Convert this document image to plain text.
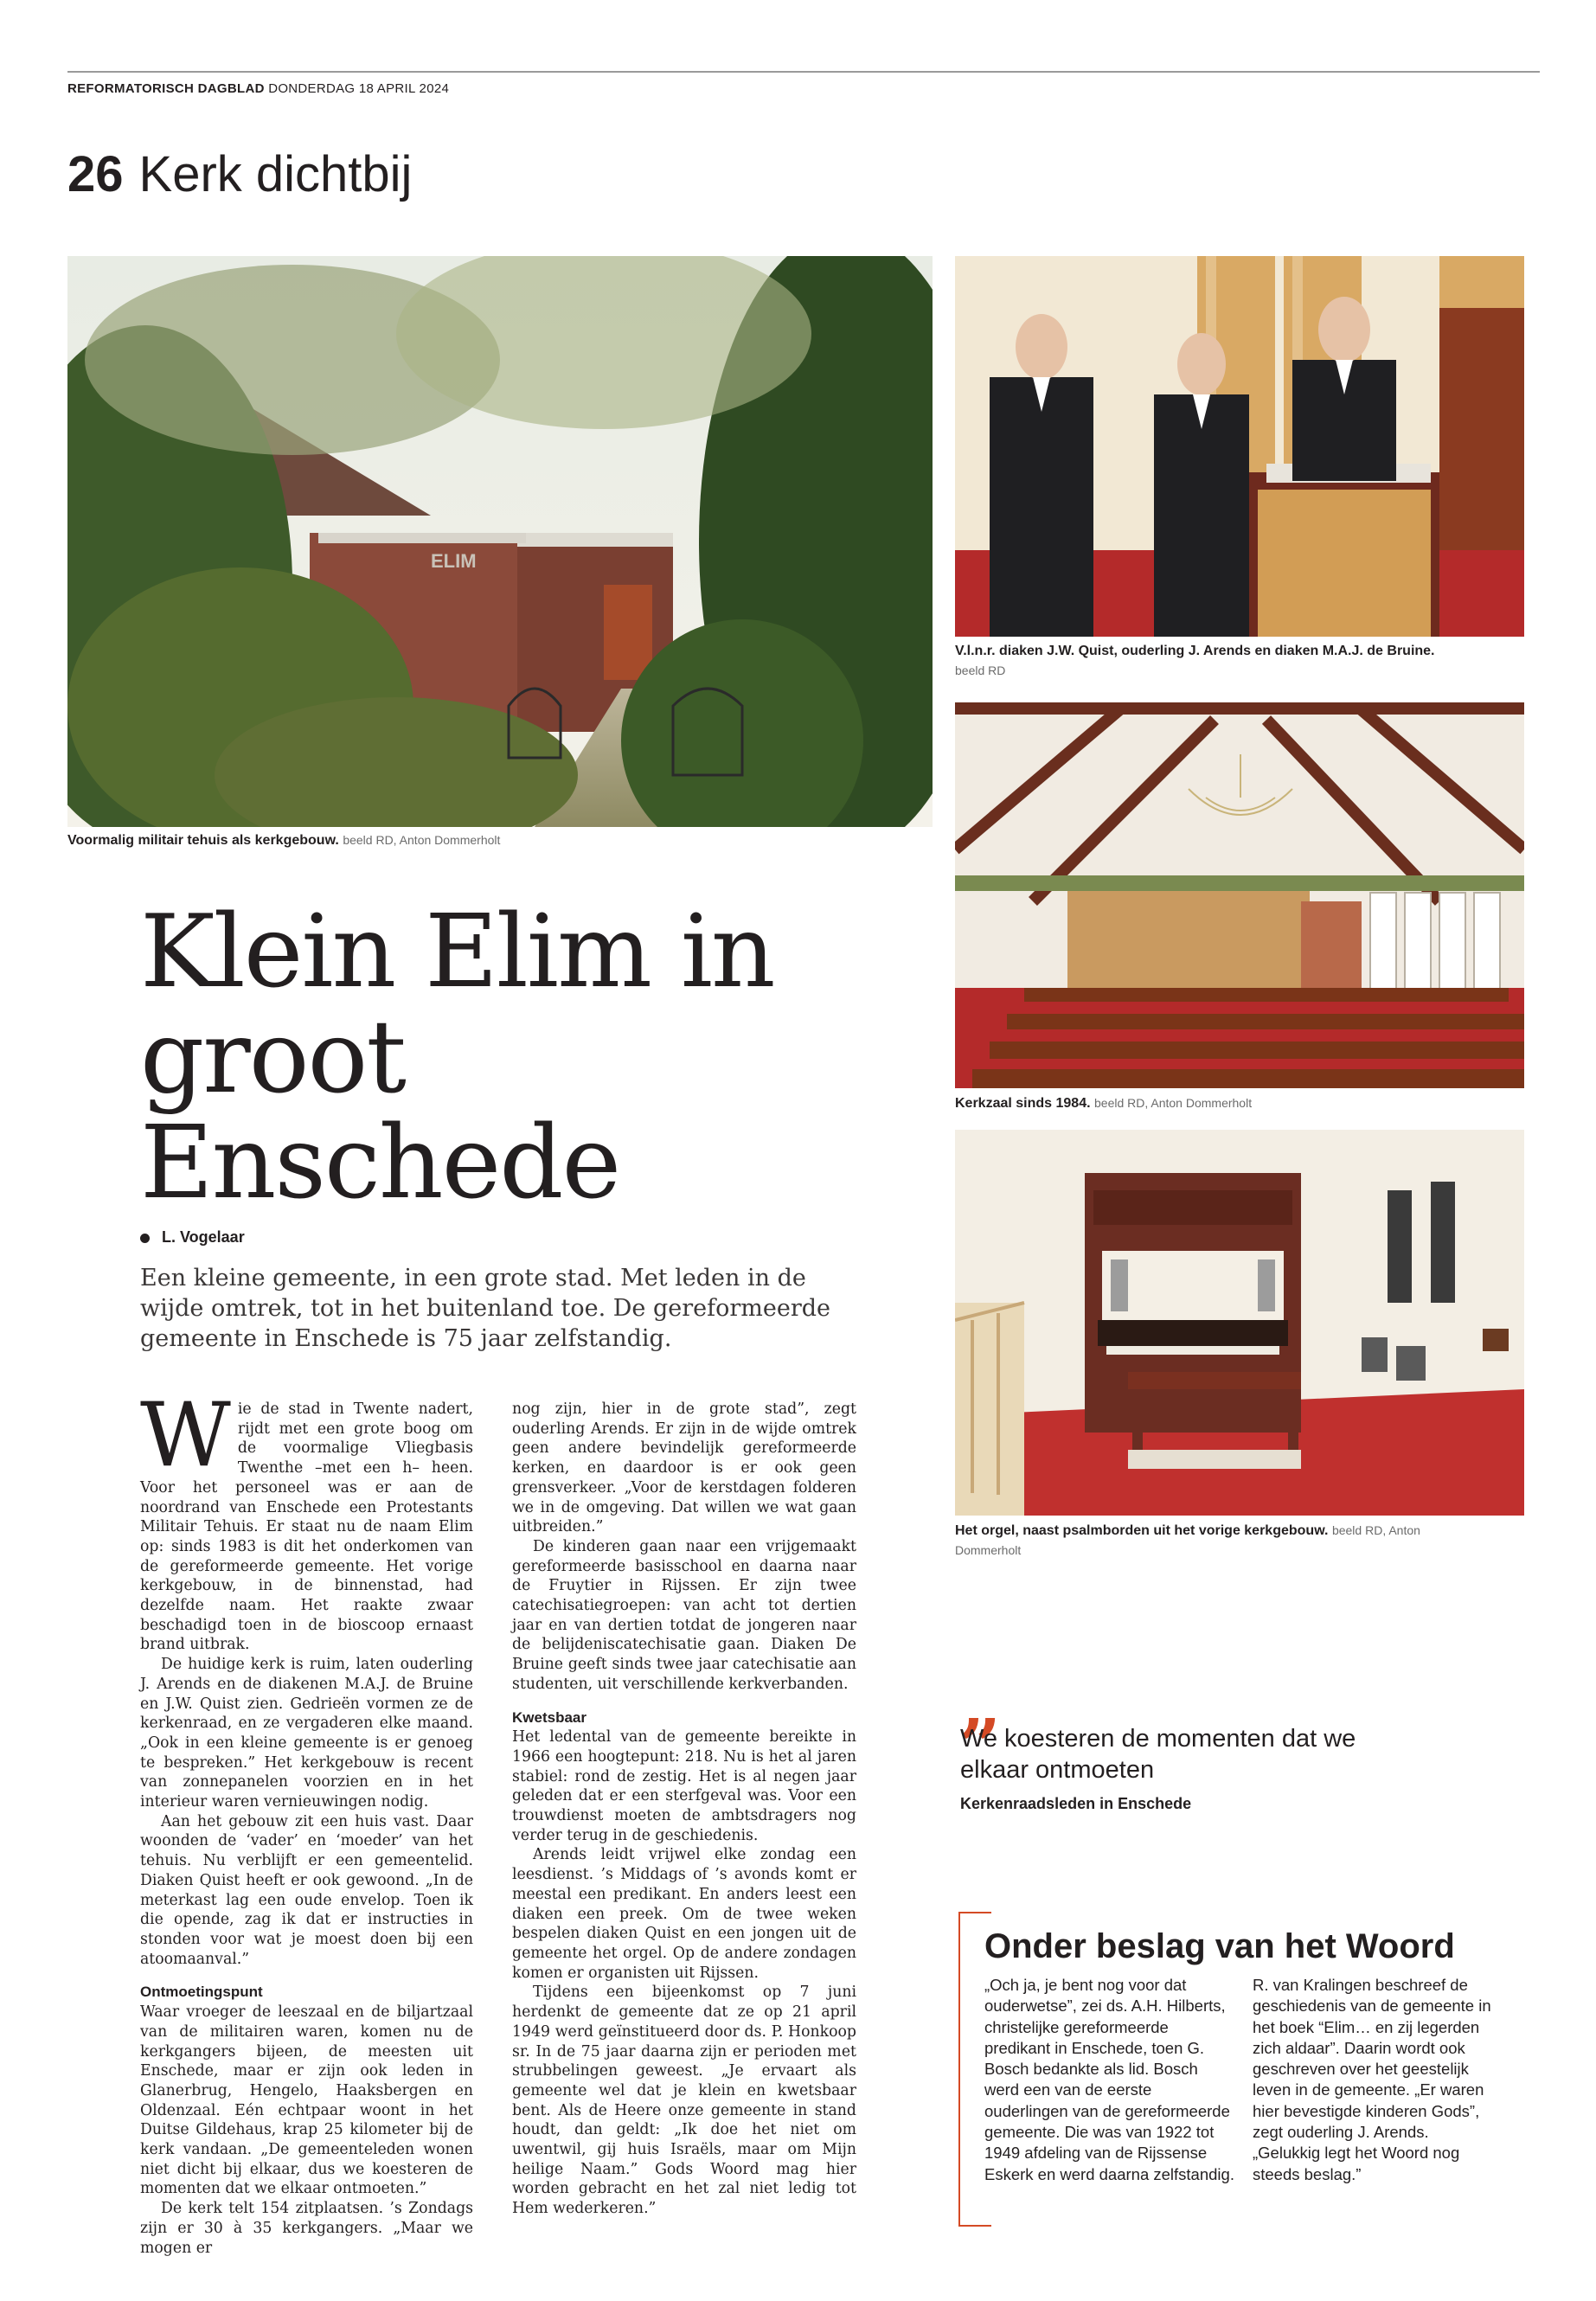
REFORMATORISCH DAGBLAD DONDERDAG 18 APRIL 2024
26 Kerk dichtbij
ELIM
Voormalig militair tehuis als kerkgebouw. beeld RD, Anton Dommerholt
V.l.n.r. diaken J.W. Quist, ouderling J. Arends en diaken M.A.J. de Bruine.
beeld RD
Kerkzaal sinds 1984. beeld RD, Anton Dommerholt
Het orgel, naast psalmborden uit het vorige kerkgebouw. beeld RD, Anton
Dommerholt
Klein Elim in
groot Enschede
L. Vogelaar
Een kleine gemeente, in een grote stad. Met leden in de wijde omtrek, tot in het buitenland toe. De gereformeerde gemeente in Enschede is 75 jaar zelfstandig.

Wie de stad in Twente nadert, rijdt met een grote boog om de voormalige Vliegbasis Twenthe –met een h– heen. Voor het personeel was er aan de noordrand van Enschede een Protestants Militair Tehuis. Er staat nu de naam Elim op: sinds 1983 is dit het onderkomen van de gereformeerde gemeente. Het vorige kerkgebouw, in de binnenstad, had dezelfde naam. Het raakte zwaar beschadigd toen in de bioscoop ernaast brand uitbrak.

De huidige kerk is ruim, laten ouderling J. Arends en de diakenen M.A.J. de Bruine en J.W. Quist zien. Gedrieën vormen ze de kerkenraad, en ze vergaderen elke maand. „Ook in een kleine gemeente is er genoeg te bespreken.” Het kerkgebouw is recent van zonnepanelen voorzien en in het interieur waren vernieuwingen nodig.

Aan het gebouw zit een huis vast. Daar woonden de ‘vader’ en ‘moeder’ van het tehuis. Nu verblijft er een gemeentelid. Diaken Quist heeft er ook gewoond. „In de meterkast lag een oude envelop. Toen ik die opende, zag ik dat er instructies in stonden voor wat je moest doen bij een atoomaanval.”

Ontmoetingspunt

Waar vroeger de leeszaal en de biljartzaal van de militairen waren, komen nu de kerkgangers bijeen, de meesten uit Enschede, maar er zijn ook leden in Glanerbrug, Hengelo, Haaksbergen en Oldenzaal. Eén echtpaar woont in het Duitse Gildehaus, krap 25 kilometer bij de kerk vandaan. „De gemeenteleden wonen niet dicht bij elkaar, dus we koesteren de momenten dat we elkaar ontmoeten.”

De kerk telt 154 zitplaatsen. ’s Zondags zijn er 30 à 35 kerkgangers. „Maar we mogen er

nog zijn, hier in de grote stad”, zegt ouderling Arends. Er zijn in de wijde omtrek geen andere bevindelijk gereformeerde kerken, en daardoor is er ook geen grensverkeer. „Voor de kerstdagen folderen we in de omgeving. Dat willen we wat gaan uitbreiden.”

De kinderen gaan naar een vrijgemaakt gereformeerde basisschool en daarna naar de Fruytier in Rijssen. Er zijn twee catechisatiegroepen: van acht tot dertien jaar en van dertien totdat de jongeren naar de belijdeniscatechisatie gaan. Diaken De Bruine geeft sinds twee jaar catechisatie aan studenten, uit verschillende kerkverbanden.

Kwetsbaar

Het ledental van de gemeente bereikte in 1966 een hoogtepunt: 218. Nu is het al jaren stabiel: rond de zestig. Het is al negen jaar geleden dat er een sterfgeval was. Voor een trouwdienst moeten de ambtsdragers nog verder terug in de geschiedenis.

Arends leidt vrijwel elke zondag een leesdienst. ’s Middags of ’s avonds komt er meestal een predikant. En anders leest een diaken een preek. Om de twee weken bespelen diaken Quist en een jongen uit de gemeente het orgel. Op de andere zondagen komen er organisten uit Rijssen.

Tijdens een bijeenkomst op 7 juni herdenkt de gemeente dat ze op 21 april 1949 werd geïnstitueerd door ds. P. Honkoop sr. In de 75 jaar daarna zijn er perioden met strubbelingen geweest. „Je ervaart als gemeente wel dat je klein en kwetsbaar bent. Als de Heere onze gemeente in stand houdt, dan geldt: „Ik doe het niet om uwentwil, gij huis Israëls, maar om Mijn heilige Naam.” Gods Woord mag hier worden gebracht en het zal niet ledig tot Hem wederkeren.”

„
We koesteren de momenten dat we elkaar ontmoeten
Kerkenraadsleden in Enschede
Onder beslag van het Woord
„Och ja, je bent nog voor dat ouderwetse”, zei ds. A.H. Hilberts, christelijke gereformeerde predikant in Enschede, toen G. Bosch bedankte als lid. Bosch werd een van de eerste ouderlingen van de gereformeerde gemeente. Die was van 1922 tot 1949 afdeling van de Rijssense Eskerk en werd daarna zelfstandig.
R. van Kralingen beschreef de geschiedenis van de gemeente in het boek “Elim… en zij legerden zich aldaar”. Daarin wordt ook geschreven over het geestelijk leven in de gemeente. „Er waren hier bevestigde kinderen Gods”, zegt ouderling J. Arends. „Gelukkig legt het Woord nog steeds beslag.”
